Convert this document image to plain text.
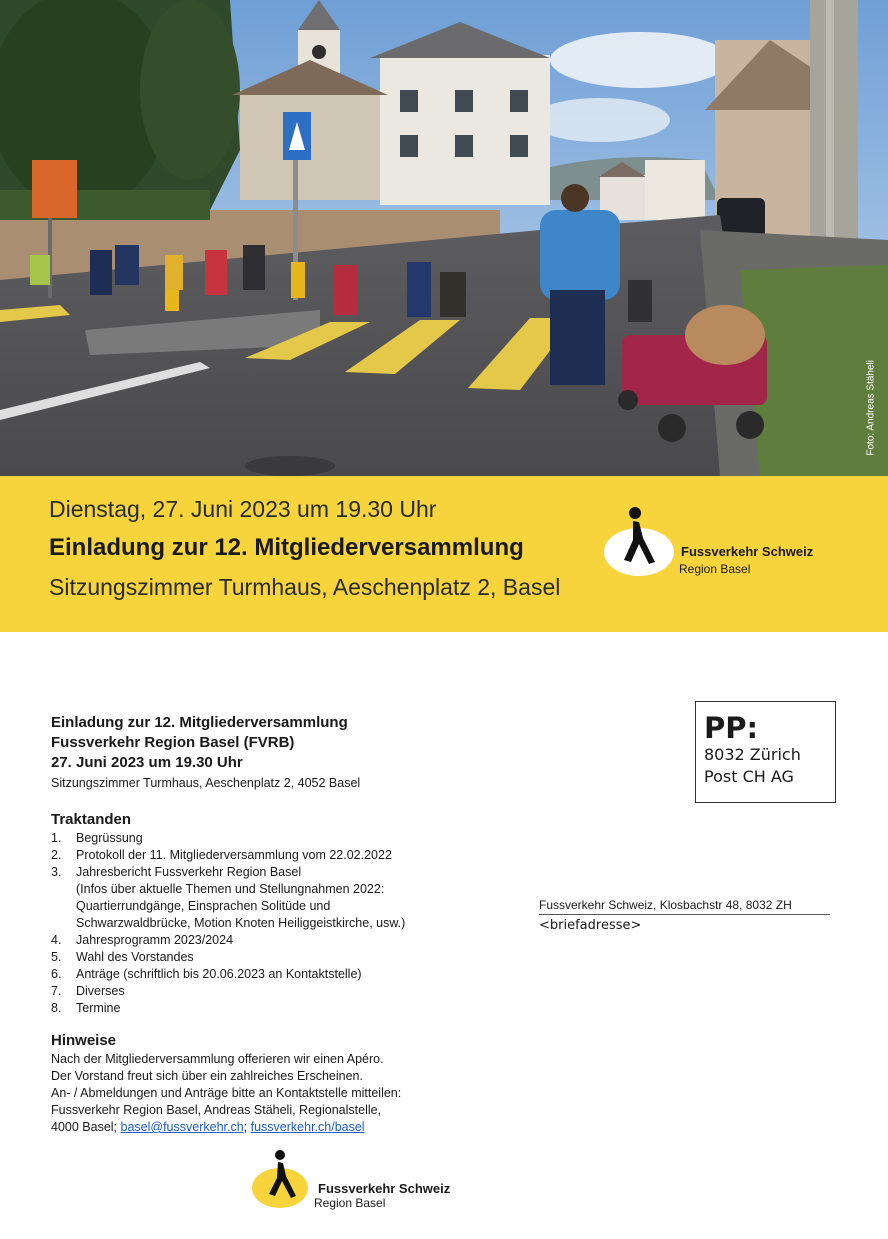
Foto: Andreas Stäheli
Dienstag, 27. Juni 2023 um 19.30 Uhr
Einladung zur 12. Mitgliederversammlung
Sitzungszimmer Turmhaus, Aeschenplatz 2, Basel
Fussverkehr Schweiz
Region Basel
Einladung zur 12. Mitgliederversammlung
Fussverkehr Region Basel (FVRB)
27. Juni 2023 um 19.30 Uhr
Sitzungszimmer Turmhaus, Aeschenplatz 2, 4052 Basel
Traktanden
1.	Begrüssung
2.	Protokoll der 11. Mitgliederversammlung vom 22.02.2022
3.	Jahresbericht Fussverkehr Region Basel
(Infos über aktuelle Themen und Stellungnahmen 2022:
Quartierrundgänge, Einsprachen Solitüde und
Schwarzwaldbrücke, Motion Knoten Heiliggeistkirche, usw.)
4.	Jahresprogramm 2023/2024
5.	Wahl des Vorstandes
6.	Anträge (schriftlich bis 20.06.2023 an Kontaktstelle)
7.	Diverses
8.	Termine
Hinweise
Nach der Mitgliederversammlung offerieren wir einen Apéro.
Der Vorstand freut sich über ein zahlreiches Erscheinen.
An- / Abmeldungen und Anträge bitte an Kontaktstelle mitteilen:
Fussverkehr Region Basel, Andreas Stäheli, Regionalstelle,
4000 Basel; basel@fussverkehr.ch; fussverkehr.ch/basel
Fussverkehr Schweiz
Region Basel
PP:
8032 Zürich
Post CH AG
Fussverkehr Schweiz, Klosbachstr 48, 8032 ZH
<briefadresse>
